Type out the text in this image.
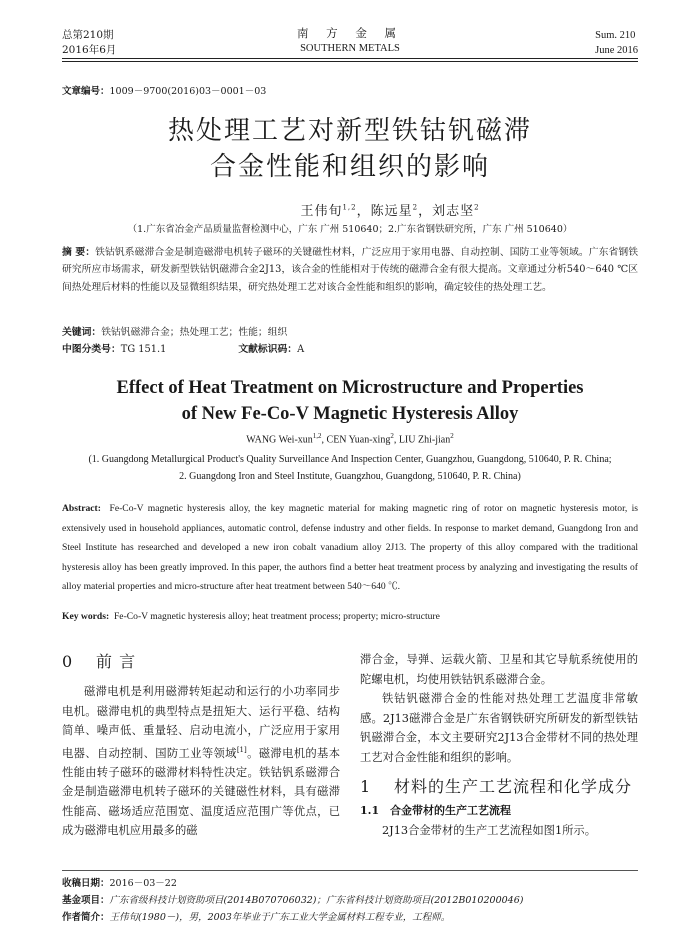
总第210期
2016年6月
南 方 金 属
SOUTHERN METALS
Sum. 210
June 2016
文章编号：1009－9700(2016)03－0001－03
热处理工艺对新型铁钴钒磁滞
合金性能和组织的影响
王伟旬$^{1,2}$，陈远星$^2$，刘志坚$^2$
（1.广东省冶金产品质量监督检测中心，广东 广州 510640；2.广东省钢铁研究所，广东 广州 510640）
摘 要：铁钴钒系磁滞合金是制造磁滞电机转子磁环的关键磁性材料，广泛应用于家用电器、自动控制、国防工业等领域。广东省钢铁研究所应市场需求，研发新型铁钴钒磁滞合金2J13，该合金的性能相对于传统的磁滞合金有很大提高。文章通过分析540～640 ℃区间热处理后材料的性能以及显微组织结果，研究热处理工艺对该合金性能和组织的影响，确定较佳的热处理工艺。
关键词：铁钴钒磁滞合金；热处理工艺；性能；组织
中图分类号：TG 151.1	文献标识码：A
Effect of Heat Treatment on Microstructure and Properties
of New Fe-Co-V Magnetic Hysteresis Alloy
WANG Wei-xun$^{1,2}$, CEN Yuan-xing$^2$, LIU Zhi-jian$^2$
(1. Guangdong Metallurgical Product's Quality Surveillance And Inspection Center, Guangzhou, Guangdong, 510640, P. R. China;
2. Guangdong Iron and Steel Institute, Guangzhou, Guangdong, 510640, P. R. China)
Abstract: Fe-Co-V magnetic hysteresis alloy, the key magnetic material for making magnetic ring of rotor on magnetic hysteresis motor, is extensively used in household appliances, automatic control, defense industry and other fields. In response to market demand, Guangdong Iron and Steel Institute has researched and developed a new iron cobalt vanadium alloy 2J13. The property of this alloy compared with the traditional hysteresis alloy has been greatly improved. In this paper, the authors find a better heat treatment process by analyzing and investigating the results of alloy material properties and micro-structure after heat treatment between 540～640 ℃.
Key words: Fe-Co-V magnetic hysteresis alloy; heat treatment process; property; micro-structure
0 前 言

磁滞电机是利用磁滞转矩起动和运行的小功率同步电机。磁滞电机的典型特点是扭矩大、运行平稳、结构简单、噪声低、重量轻、启动电流小，广泛应用于家用电器、自动控制、国防工业等领域[1]。磁滞电机的基本性能由转子磁环的磁滞材料特性决定。铁钴钒系磁滞合金是制造磁滞电机转子磁环的关键磁性材料，具有磁滞性能高、磁场适应范围宽、温度适应范围广等优点，已成为磁滞电机应用最多的磁

滞合金，导弹、运载火箭、卫星和其它导航系统使用的陀螺电机，均使用铁钴钒系磁滞合金。

铁钴钒磁滞合金的性能对热处理工艺温度非常敏感。2J13磁滞合金是广东省钢铁研究所研发的新型铁钴钒磁滞合金，本文主要研究2J13合金带材不同的热处理工艺对合金性能和组织的影响。

1 材料的生产工艺流程和化学成分
1.1 合金带材的生产工艺流程

2J13合金带材的生产工艺流程如图1所示。

收稿日期：2016－03－22
基金项目：广东省级科技计划资助项目(2014B070706032)；广东省科技计划资助项目(2012B010200046)
作者简介：王伟旬(1980－)，男，2003年毕业于广东工业大学金属材料工程专业，工程师。
